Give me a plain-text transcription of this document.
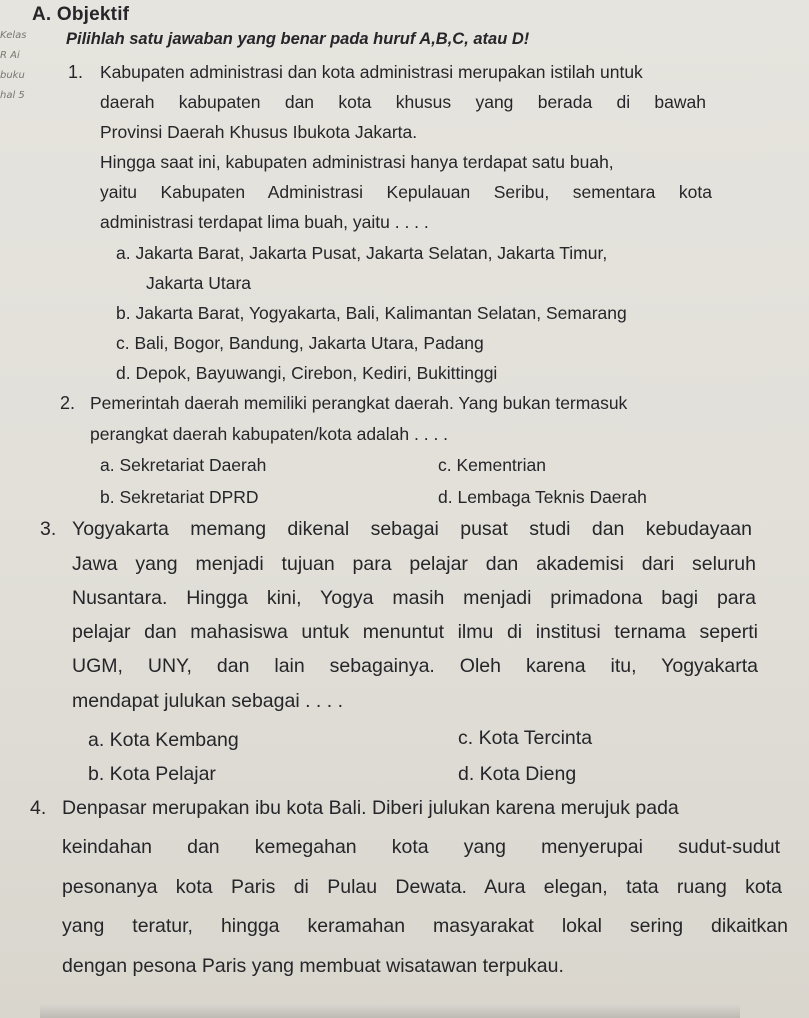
A. Objektif
Pilihlah satu jawaban yang benar pada huruf A,B,C, atau D!
Kelas
R Ai
buku
hal 5
1. Kabupaten administrasi dan kota administrasi merupakan istilah untuk
daerah kabupaten dan kota khusus yang berada di bawah
Provinsi Daerah Khusus Ibukota Jakarta.
Hingga saat ini, kabupaten administrasi hanya terdapat satu buah,
yaitu Kabupaten Administrasi Kepulauan Seribu, sementara kota
administrasi terdapat lima buah, yaitu . . . .
a. Jakarta Barat, Jakarta Pusat, Jakarta Selatan, Jakarta Timur,
Jakarta Utara
b. Jakarta Barat, Yogyakarta, Bali, Kalimantan Selatan, Semarang
c. Bali, Bogor, Bandung, Jakarta Utara, Padang
d. Depok, Bayuwangi, Cirebon, Kediri, Bukittinggi
2. Pemerintah daerah memiliki perangkat daerah. Yang bukan termasuk
perangkat daerah kabupaten/kota adalah . . . .
a. Sekretariat Daerah	c. Kementrian
b. Sekretariat DPRD	d. Lembaga Teknis Daerah
3. Yogyakarta memang dikenal sebagai pusat studi dan kebudayaan
Jawa yang menjadi tujuan para pelajar dan akademisi dari seluruh
Nusantara. Hingga kini, Yogya masih menjadi primadona bagi para
pelajar dan mahasiswa untuk menuntut ilmu di institusi ternama seperti
UGM, UNY, dan lain sebagainya. Oleh karena itu, Yogyakarta
mendapat julukan sebagai . . . .
a. Kota Kembang	c. Kota Tercinta
b. Kota Pelajar	d. Kota Dieng
4. Denpasar merupakan ibu kota Bali. Diberi julukan karena merujuk pada
keindahan dan kemegahan kota yang menyerupai sudut-sudut
pesonanya kota Paris di Pulau Dewata. Aura elegan, tata ruang kota
yang teratur, hingga keramahan masyarakat lokal sering dikaitkan
dengan pesona Paris yang membuat wisatawan terpukau.
